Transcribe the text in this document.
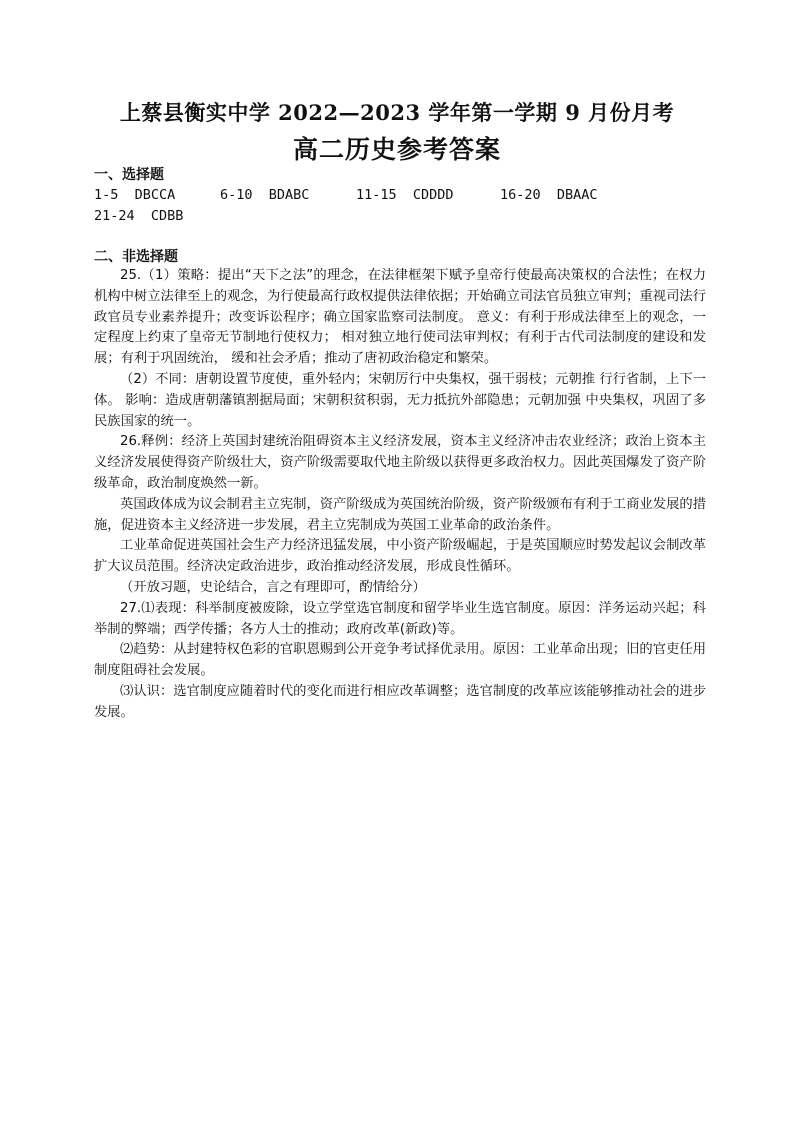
上蔡县衡实中学 2022—2023 学年第一学期 9 月份月考
高二历史参考答案
一、选择题
1-5 DBCCA	6-10 BDABC	11-15 CDDDD	16-20 DBAAC
21-24 CDBB
二、非选择题

25.（1）策略：提出“天下之法”的理念，在法律框架下赋予皇帝行使最高决策权的合法性；在权力机构中树立法律至上的观念，为行使最高行政权提供法律依据；开始确立司法官员独立审判；重视司法行政官员专业素养提升；改变诉讼程序；确立国家监察司法制度。 意义：有利于形成法律至上的观念，一定程度上约束了皇帝无节制地行使权力； 相对独立地行使司法审判权；有利于古代司法制度的建设和发展；有利于巩固统治， 缓和社会矛盾；推动了唐初政治稳定和繁荣。

（2）不同：唐朝设置节度使，重外轻内；宋朝厉行中央集权，强干弱枝；元朝推 行行省制，上下一体。 影响：造成唐朝藩镇割据局面；宋朝积贫积弱，无力抵抗外部隐患；元朝加强 中央集权，巩固了多民族国家的统一。

26.释例：经济上英国封建统治阻碍资本主义经济发展，资本主义经济冲击农业经济；政治上资本主义经济发展使得资产阶级壮大，资产阶级需要取代地主阶级以获得更多政治权力。因此英国爆发了资产阶级革命，政治制度焕然一新。

英国政体成为议会制君主立宪制，资产阶级成为英国统治阶级，资产阶级颁布有利于工商业发展的措施，促进资本主义经济进一步发展，君主立宪制成为英国工业革命的政治条件。

工业革命促进英国社会生产力经济迅猛发展，中小资产阶级崛起，于是英国顺应时势发起议会制改革扩大议员范围。经济决定政治进步，政治推动经济发展，形成良性循环。

（开放习题，史论结合，言之有理即可，酌情给分）

27.⑴表现：科举制度被废除，设立学堂选官制度和留学毕业生选官制度。原因：洋务运动兴起；科举制的弊端；西学传播；各方人士的推动；政府改革(新政)等。

⑵趋势：从封建特权色彩的官职恩赐到公开竞争考试择优录用。原因：工业革命出现；旧的官吏任用制度阻碍社会发展。

⑶认识：选官制度应随着时代的变化而进行相应改革调整；选官制度的改革应该能够推动社会的进步发展。
